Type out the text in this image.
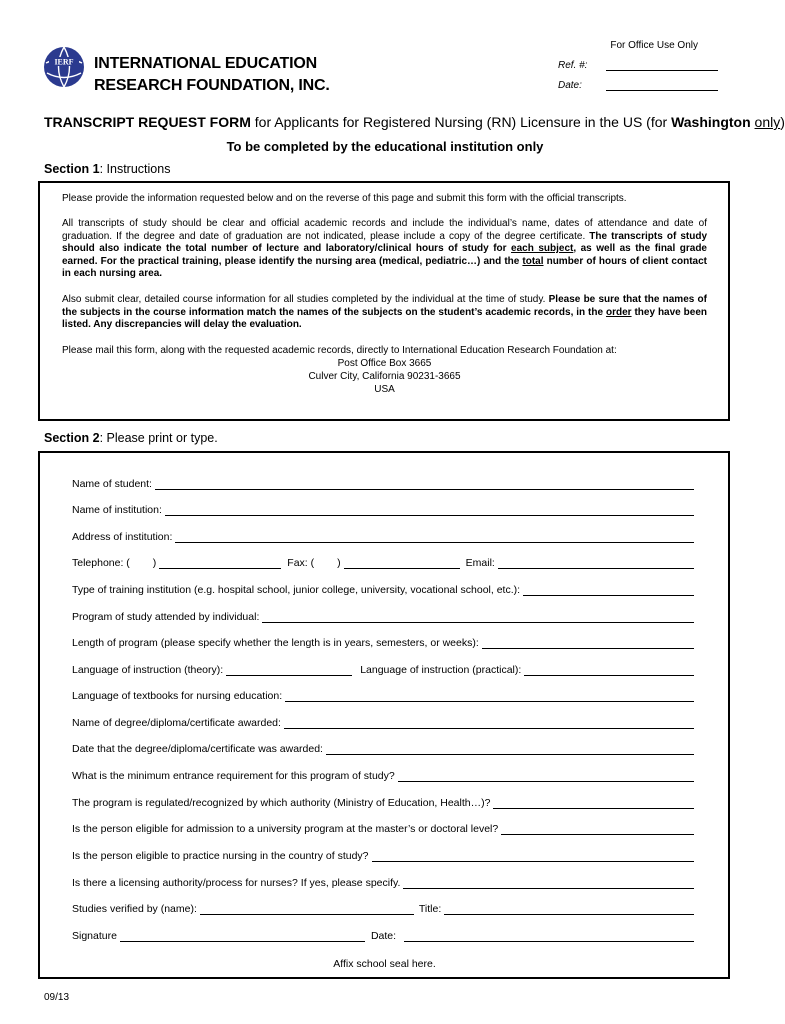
IERF INTERNATIONAL EDUCATION
RESEARCH FOUNDATION, INC.
For Office Use Only
Ref. #:
Date:
TRANSCRIPT REQUEST FORM for Applicants for Registered Nursing (RN) Licensure in the US (for Washington only)
To be completed by the educational institution only
Section 1: Instructions
Please provide the information requested below and on the reverse of this page and submit this form with the official transcripts.
All transcripts of study should be clear and official academic records and include the individual’s name, dates of attendance and date of graduation. If the degree and date of graduation are not indicated, please include a copy of the degree certificate. The transcripts of study should also indicate the total number of lecture and laboratory/clinical hours of study for each subject, as well as the final grade earned. For the practical training, please identify the nursing area (medical, pediatric…) and the total number of hours of client contact in each nursing area.
Also submit clear, detailed course information for all studies completed by the individual at the time of study. Please be sure that the names of the subjects in the course information match the names of the subjects on the student’s academic records, in the order they have been listed. Any discrepancies will delay the evaluation.
Please mail this form, along with the requested academic records, directly to International Education Research Foundation at:
Post Office Box 3665
Culver City, California 90231-3665
USA
Section 2: Please print or type.
Name of student:
Name of institution:
Address of institution:
Telephone: ( )	Fax: ( )	Email:
Type of training institution (e.g. hospital school, junior college, university, vocational school, etc.):
Program of study attended by individual:
Length of program (please specify whether the length is in years, semesters, or weeks):
Language of instruction (theory):	Language of instruction (practical):
Language of textbooks for nursing education:
Name of degree/diploma/certificate awarded:
Date that the degree/diploma/certificate was awarded:
What is the minimum entrance requirement for this program of study?
The program is regulated/recognized by which authority (Ministry of Education, Health…)?
Is the person eligible for admission to a university program at the master’s or doctoral level?
Is the person eligible to practice nursing in the country of study?
Is there a licensing authority/process for nurses? If yes, please specify.
Studies verified by (name):	Title:
Signature	Date:
Affix school seal here.
09/13
